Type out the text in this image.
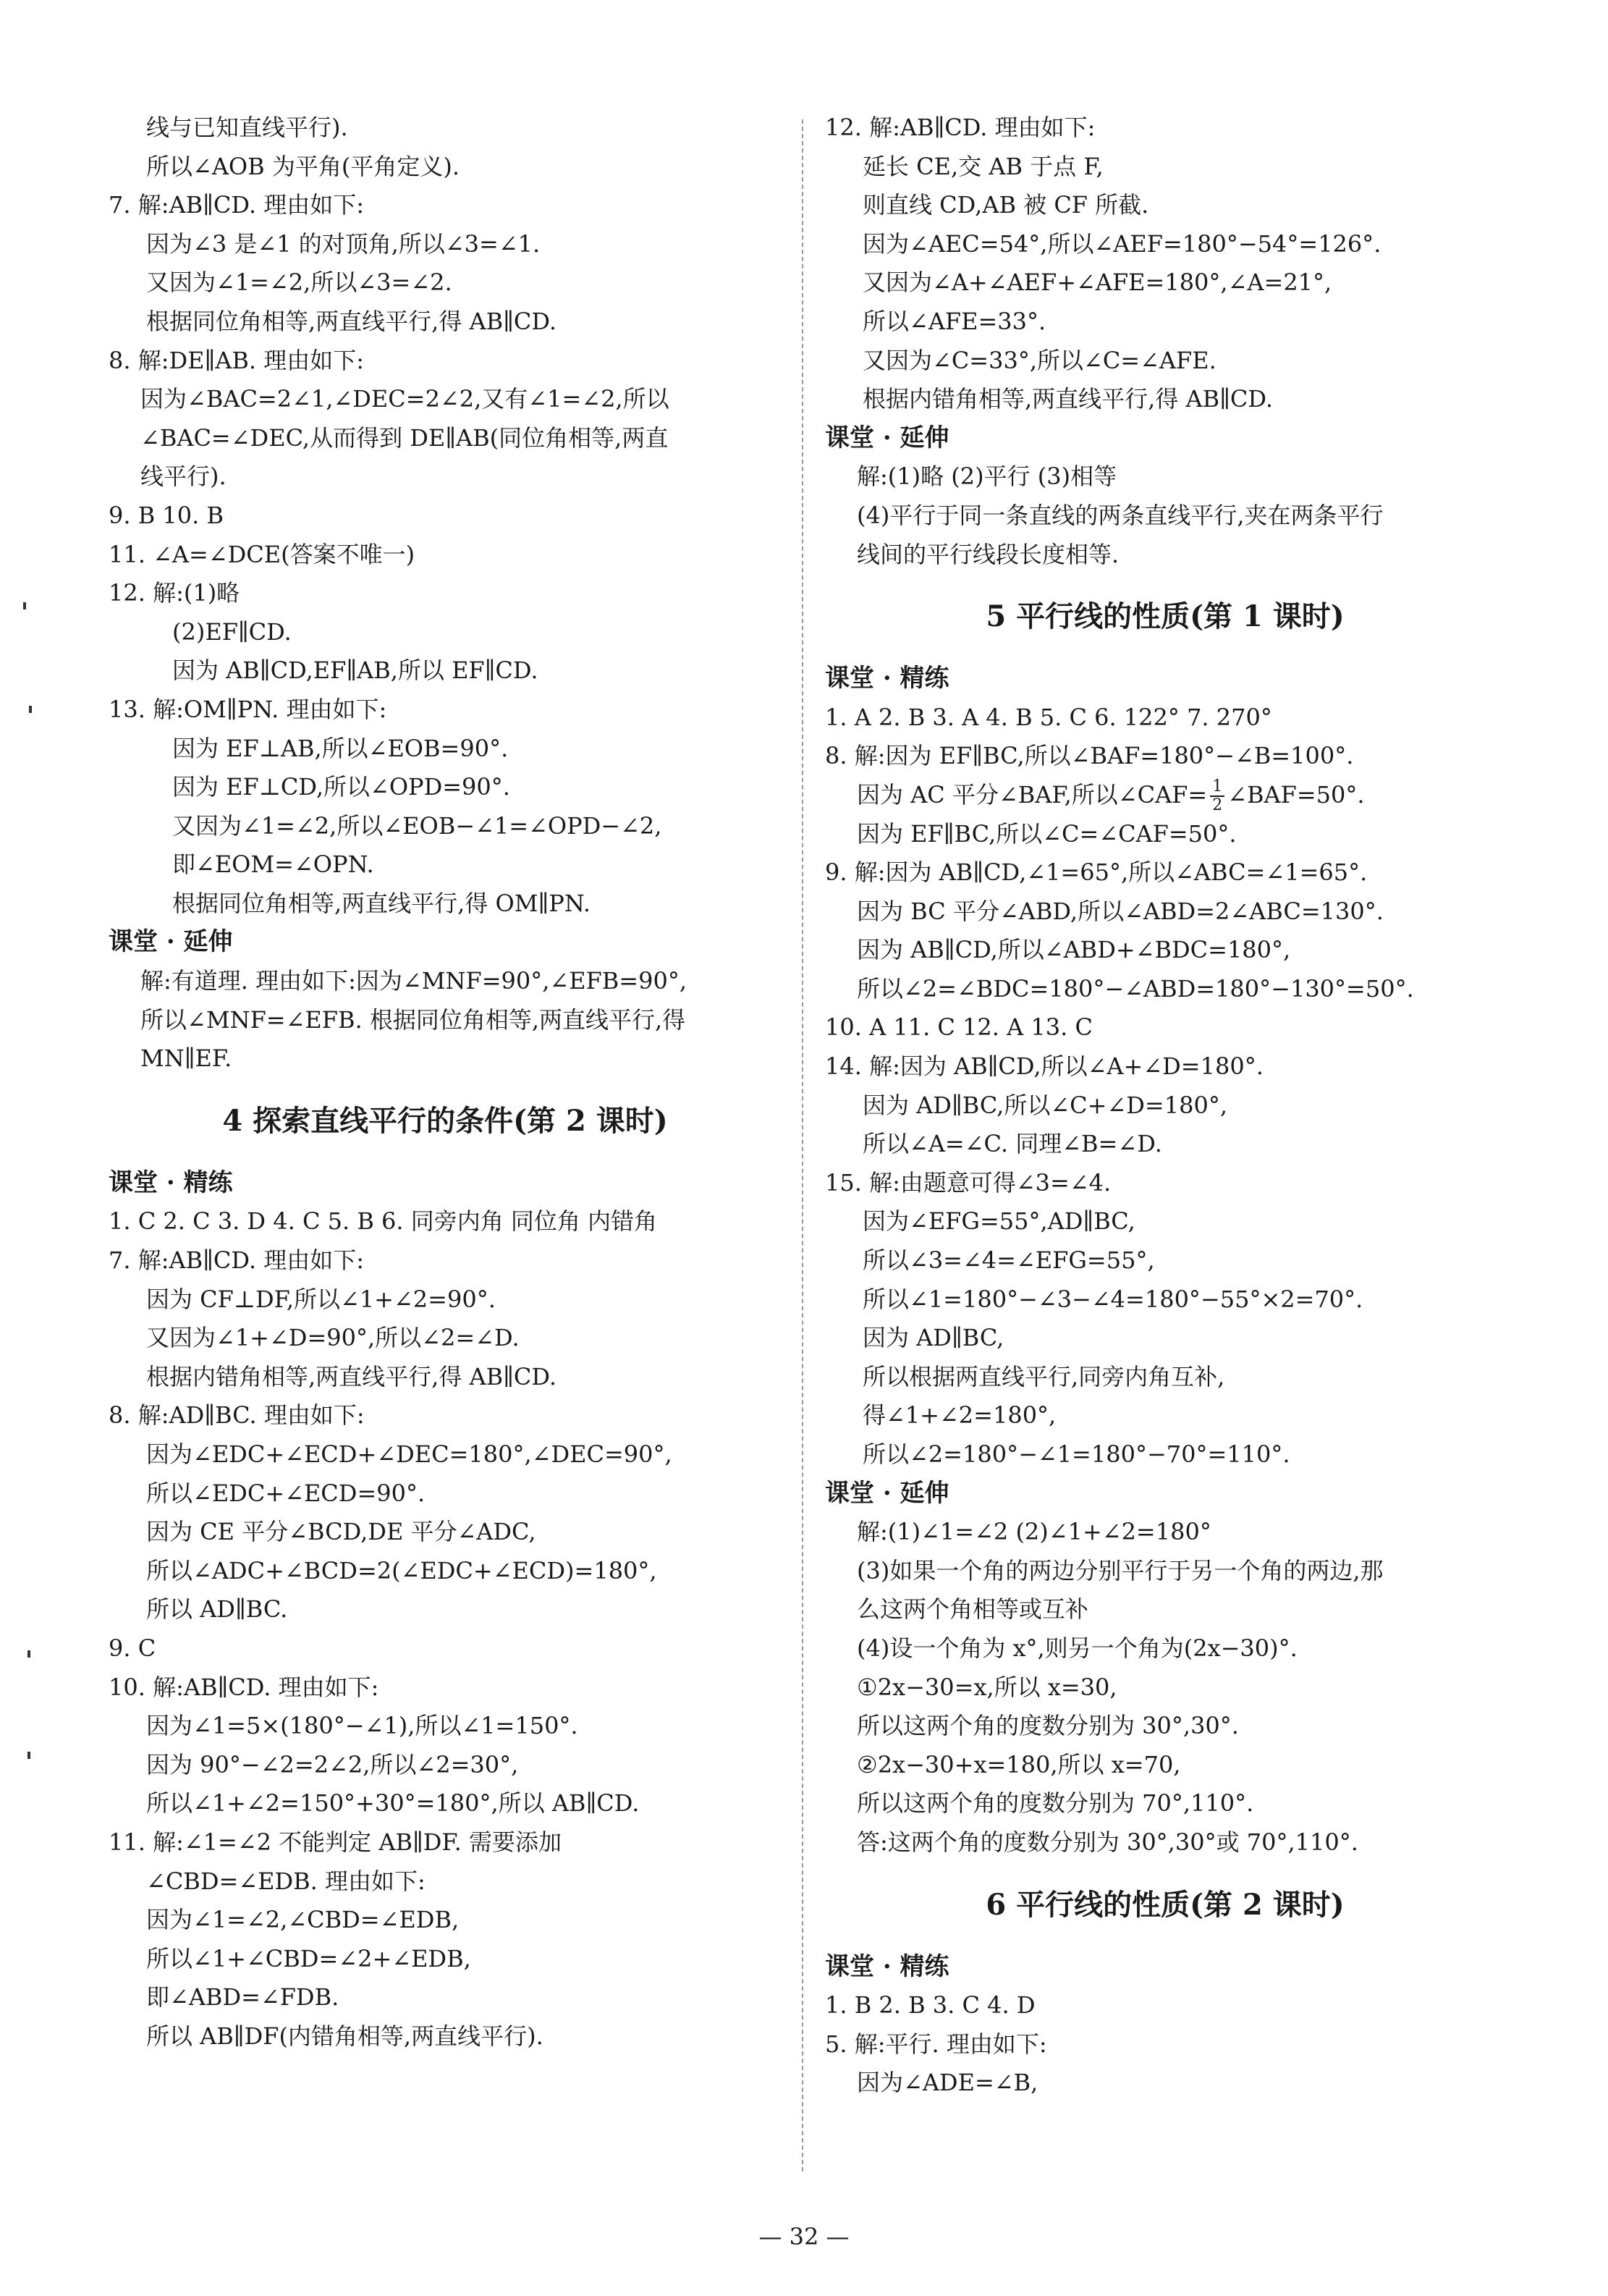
线与已知直线平行).
所以∠AOB 为平角(平角定义).
7. 解:AB∥CD. 理由如下:
因为∠3 是∠1 的对顶角,所以∠3=∠1.
又因为∠1=∠2,所以∠3=∠2.
根据同位角相等,两直线平行,得 AB∥CD.
8. 解:DE∥AB. 理由如下:
因为∠BAC=2∠1,∠DEC=2∠2,又有∠1=∠2,所以
∠BAC=∠DEC,从而得到 DE∥AB(同位角相等,两直
线平行).
9. B 10. B
11. ∠A=∠DCE(答案不唯一)
12. 解:(1)略
(2)EF∥CD.
因为 AB∥CD,EF∥AB,所以 EF∥CD.
13. 解:OM∥PN. 理由如下:
因为 EF⊥AB,所以∠EOB=90°.
因为 EF⊥CD,所以∠OPD=90°.
又因为∠1=∠2,所以∠EOB−∠1=∠OPD−∠2,
即∠EOM=∠OPN.
根据同位角相等,两直线平行,得 OM∥PN.
课堂 · 延伸
解:有道理. 理由如下:因为∠MNF=90°,∠EFB=90°,
所以∠MNF=∠EFB. 根据同位角相等,两直线平行,得
MN∥EF.
4 探索直线平行的条件(第 2 课时)
课堂 · 精练
1. C 2. C 3. D 4. C 5. B 6. 同旁内角 同位角 内错角
7. 解:AB∥CD. 理由如下:
因为 CF⊥DF,所以∠1+∠2=90°.
又因为∠1+∠D=90°,所以∠2=∠D.
根据内错角相等,两直线平行,得 AB∥CD.
8. 解:AD∥BC. 理由如下:
因为∠EDC+∠ECD+∠DEC=180°,∠DEC=90°,
所以∠EDC+∠ECD=90°.
因为 CE 平分∠BCD,DE 平分∠ADC,
所以∠ADC+∠BCD=2(∠EDC+∠ECD)=180°,
所以 AD∥BC.
9. C
10. 解:AB∥CD. 理由如下:
因为∠1=5×(180°−∠1),所以∠1=150°.
因为 90°−∠2=2∠2,所以∠2=30°,
所以∠1+∠2=150°+30°=180°,所以 AB∥CD.
11. 解:∠1=∠2 不能判定 AB∥DF. 需要添加
∠CBD=∠EDB. 理由如下:
因为∠1=∠2,∠CBD=∠EDB,
所以∠1+∠CBD=∠2+∠EDB,
即∠ABD=∠FDB.
所以 AB∥DF(内错角相等,两直线平行).
12. 解:AB∥CD. 理由如下:
延长 CE,交 AB 于点 F,
则直线 CD,AB 被 CF 所截.
因为∠AEC=54°,所以∠AEF=180°−54°=126°.
又因为∠A+∠AEF+∠AFE=180°,∠A=21°,
所以∠AFE=33°.
又因为∠C=33°,所以∠C=∠AFE.
根据内错角相等,两直线平行,得 AB∥CD.
课堂 · 延伸
解:(1)略 (2)平行 (3)相等
(4)平行于同一条直线的两条直线平行,夹在两条平行
线间的平行线段长度相等.
5 平行线的性质(第 1 课时)
课堂 · 精练
1. A 2. B 3. A 4. B 5. C 6. 122° 7. 270°
8. 解:因为 EF∥BC,所以∠BAF=180°−∠B=100°.
因为 AC 平分∠BAF,所以∠CAF= $\frac{1}{2}$ ∠BAF=50°.
因为 EF∥BC,所以∠C=∠CAF=50°.
9. 解:因为 AB∥CD,∠1=65°,所以∠ABC=∠1=65°.
因为 BC 平分∠ABD,所以∠ABD=2∠ABC=130°.
因为 AB∥CD,所以∠ABD+∠BDC=180°,
所以∠2=∠BDC=180°−∠ABD=180°−130°=50°.
10. A 11. C 12. A 13. C
14. 解:因为 AB∥CD,所以∠A+∠D=180°.
因为 AD∥BC,所以∠C+∠D=180°,
所以∠A=∠C. 同理∠B=∠D.
15. 解:由题意可得∠3=∠4.
因为∠EFG=55°,AD∥BC,
所以∠3=∠4=∠EFG=55°,
所以∠1=180°−∠3−∠4=180°−55°×2=70°.
因为 AD∥BC,
所以根据两直线平行,同旁内角互补,
得∠1+∠2=180°,
所以∠2=180°−∠1=180°−70°=110°.
课堂 · 延伸
解:(1)∠1=∠2 (2)∠1+∠2=180°
(3)如果一个角的两边分别平行于另一个角的两边,那
么这两个角相等或互补
(4)设一个角为 x°,则另一个角为(2x−30)°.
①2x−30=x,所以 x=30,
所以这两个角的度数分别为 30°,30°.
②2x−30+x=180,所以 x=70,
所以这两个角的度数分别为 70°,110°.
答:这两个角的度数分别为 30°,30°或 70°,110°.
6 平行线的性质(第 2 课时)
课堂 · 精练
1. B 2. B 3. C 4. D
5. 解:平行. 理由如下:
因为∠ADE=∠B,
— 32 —
